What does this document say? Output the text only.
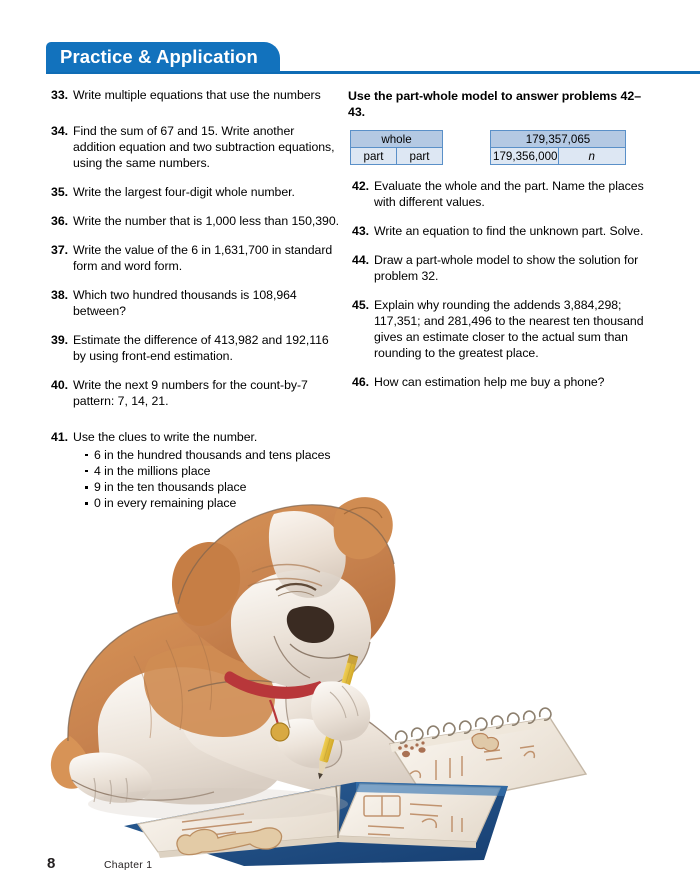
Practice & Application
33. Write multiple equations that use the numbers
34. Find the sum of 67 and 15. Write another addition equation and two subtraction equations, using the same numbers.
35. Write the largest four-digit whole number.
36. Write the number that is 1,000 less than 150,390.
37. Write the value of the 6 in 1,631,700 in standard form and word form.
38. Which two hundred thousands is 108,964 between?
39. Estimate the difference of 413,982 and 192,116 by using front-end estimation.
40. Write the next 9 numbers for the count-by-7 pattern: 7, 14, 21.
41. Use the clues to write the number.
6 in the hundred thousands and tens places
4 in the millions place
9 in the ten thousands place
0 in every remaining place

Use the part-whole model to answer problems 42–43.

whole
part	part
179,357,065
179,356,000	n
42. Evaluate the whole and the part. Name the places with different values.
43. Write an equation to find the unknown part. Solve.
44. Draw a part-whole model to show the solution for problem 32.
45. Explain why rounding the addends 3,884,298; 117,351; and 281,496 to the nearest ten thousand gives an estimate closer to the actual sum than rounding to the greatest place.
46. How can estimation help me buy a phone?
8	Chapter 1
